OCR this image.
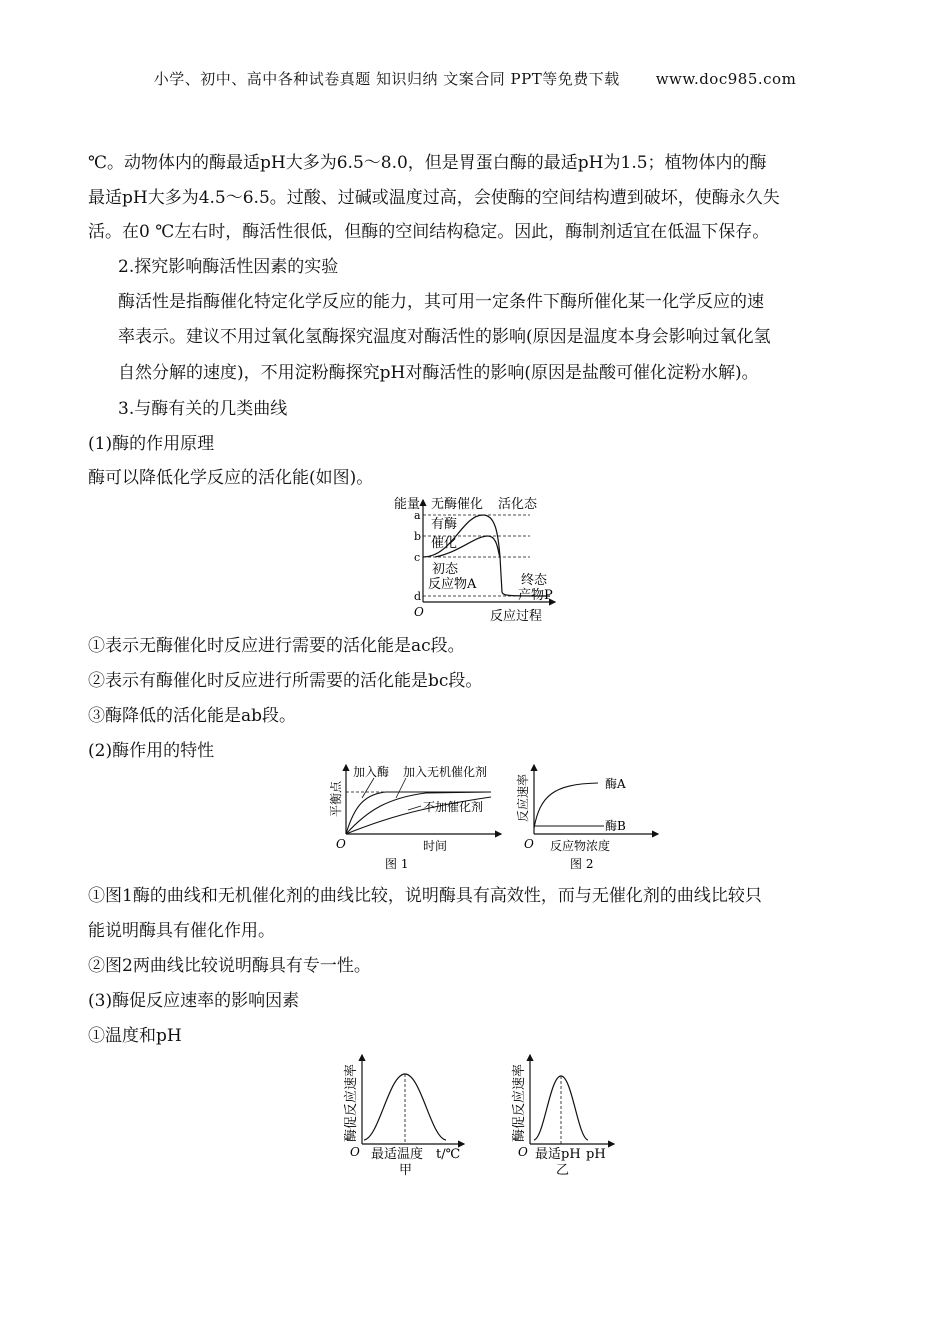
小学、初中、高中各种试卷真题 知识归纳 文案合同 PPT等免费下载 www.doc985.com
℃。动物体内的酶最适pH大多为6.5～8.0，但是胃蛋白酶的最适pH为1.5；植物体内的酶
最适pH大多为4.5～6.5。过酸、过碱或温度过高，会使酶的空间结构遭到破坏，使酶永久失
活。在0 ℃左右时，酶活性很低，但酶的空间结构稳定。因此，酶制剂适宜在低温下保存。
2.探究影响酶活性因素的实验
酶活性是指酶催化特定化学反应的能力，其可用一定条件下酶所催化某一化学反应的速
率表示。建议不用过氧化氢酶探究温度对酶活性的影响(原因是温度本身会影响过氧化氢
自然分解的速度)，不用淀粉酶探究pH对酶活性的影响(原因是盐酸可催化淀粉水解)。
3.与酶有关的几类曲线
(1)酶的作用原理
酶可以降低化学反应的活化能(如图)。
能量 无酶催化 活化态
a
b
c
d
有酶
催化
初态
反应物A	终态
产物P
O	反应过程
①表示无酶催化时反应进行需要的活化能是ac段。
②表示有酶催化时反应进行所需要的活化能是bc段。
③酶降低的活化能是ab段。
(2)酶作用的特性
平衡点
加入酶 加入无机催化剂
不加催化剂
O	时间
图 1
反应速率	酶A
酶B
O 反应物浓度
图 2
①图1酶的曲线和无机催化剂的曲线比较，说明酶具有高效性，而与无催化剂的曲线比较只
能说明酶具有催化作用。
②图2两曲线比较说明酶具有专一性。
(3)酶促反应速率的影响因素
①温度和pH
酶促反应速率
O 最适温度 t/℃
甲
酶促反应速率
O 最适pH pH
乙
